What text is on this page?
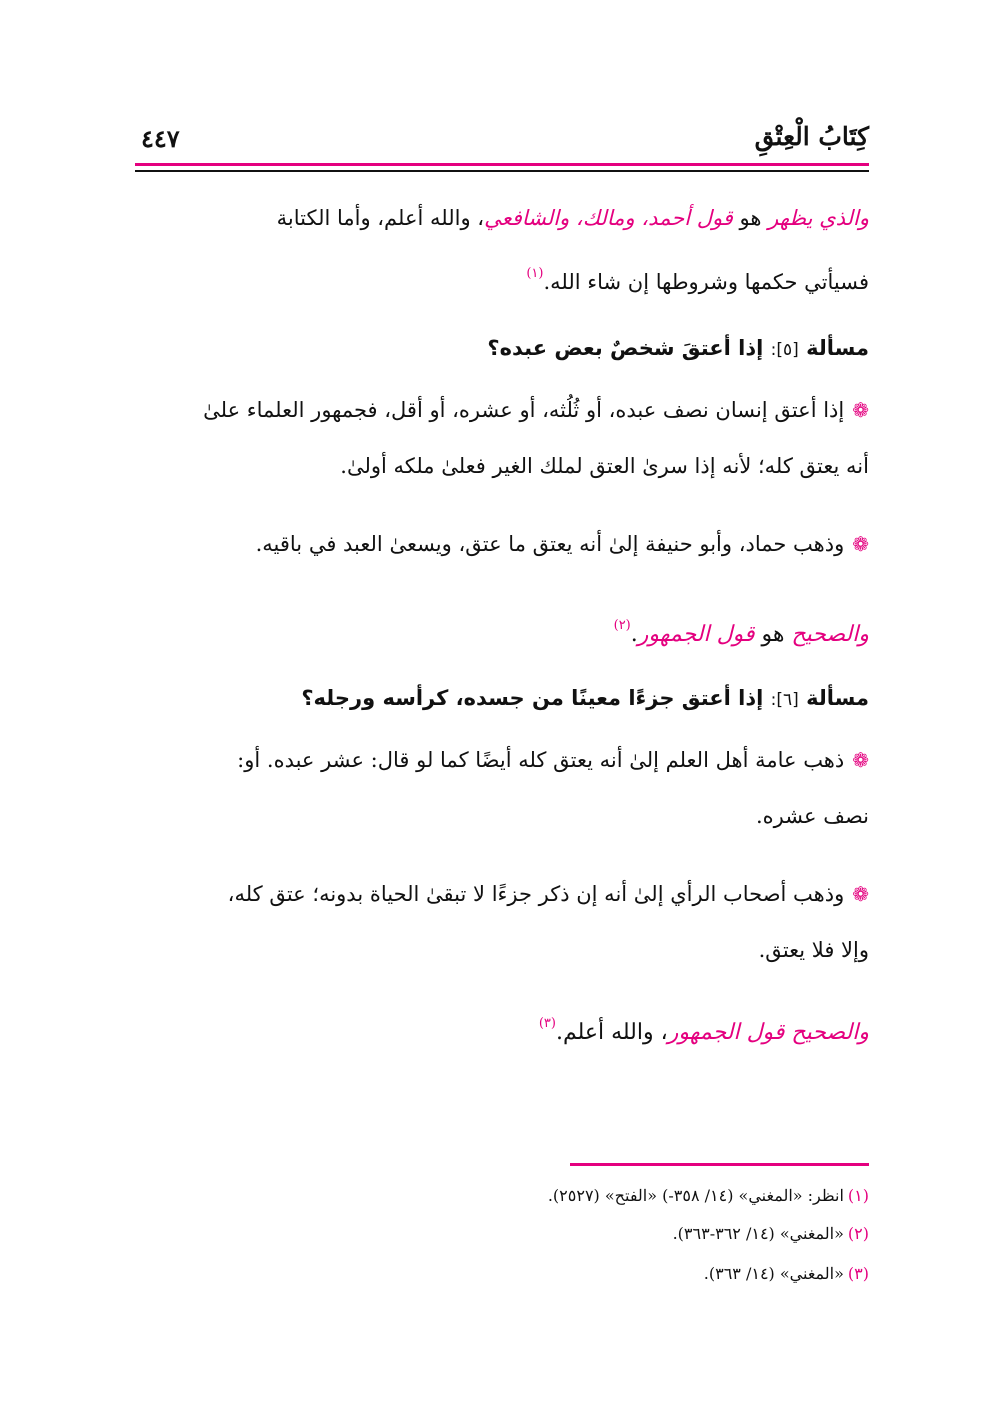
كِتَابُ الْعِتْقِ
٤٤٧
والذي يظهر هو قول أحمد، ومالك، والشافعي، والله أعلم، وأما الكتابة
فسيأتي حكمها وشروطها إن شاء الله.$^{(١)}$
مسألة [٥]: إذا أعتقَ شخصٌ بعض عبده؟
❁إذا أعتق إنسان نصف عبده، أو ثُلُثه، أو عشره، أو أقل، فجمهور العلماء علىٰ
أنه يعتق كله؛ لأنه إذا سرىٰ العتق لملك الغير فعلىٰ ملكه أولىٰ.
❁وذهب حماد، وأبو حنيفة إلىٰ أنه يعتق ما عتق، ويسعىٰ العبد في باقيه.
والصحيح هو قول الجمهور.$^{(٢)}$
مسألة [٦]: إذا أعتق جزءًا معينًا من جسده، كرأسه ورجله؟
❁ذهب عامة أهل العلم إلىٰ أنه يعتق كله أيضًا كما لو قال: عشر عبده. أو:
نصف عشره.
❁وذهب أصحاب الرأي إلىٰ أنه إن ذكر جزءًا لا تبقىٰ الحياة بدونه؛ عتق كله،
وإلا فلا يعتق.
والصحيح قول الجمهور، والله أعلم.$^{(٣)}$
(١)انظر: «المغني» (١٤/ ٣٥٨-) «الفتح» (٢٥٢٧).
(٢)«المغني» (١٤/ ٣٦٢-٣٦٣).
(٣)«المغني» (١٤/ ٣٦٣).
